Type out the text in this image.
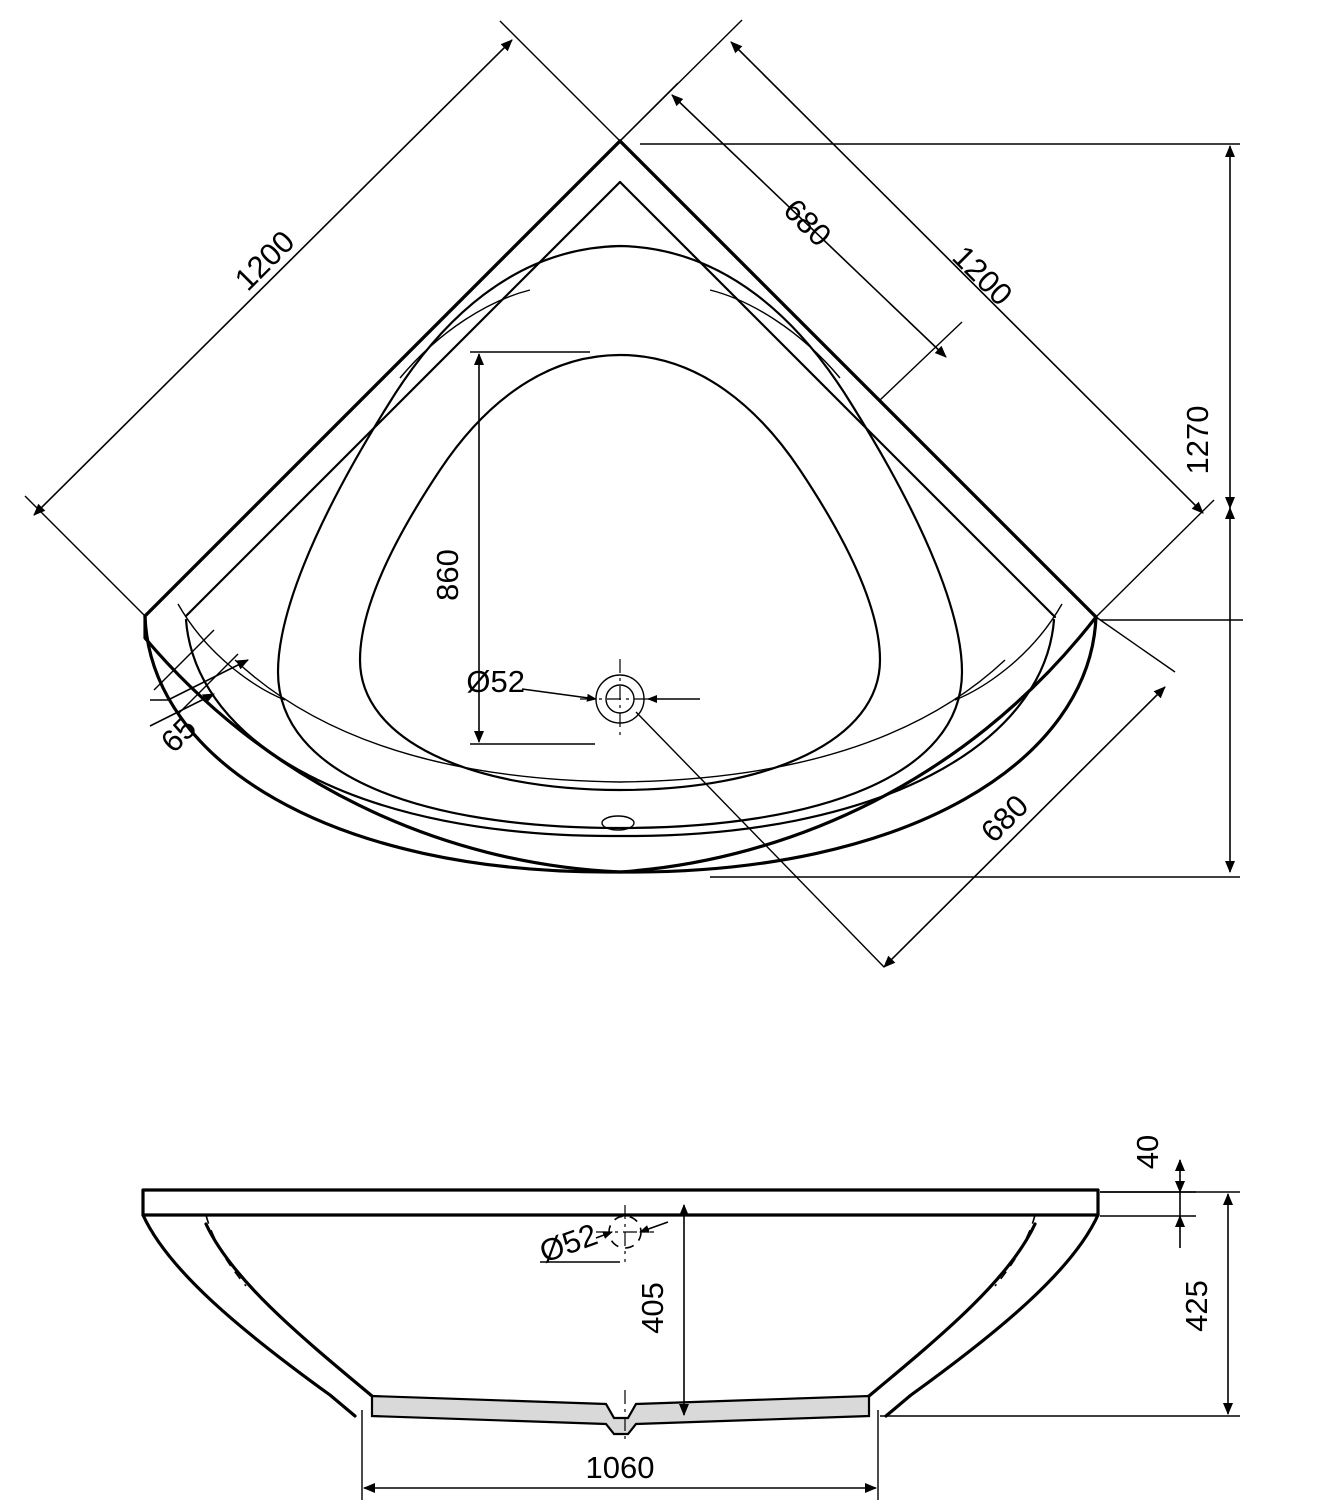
1200	1200
680
680
1270
860
65
Ø52
Ø52
405
1060
40
425
